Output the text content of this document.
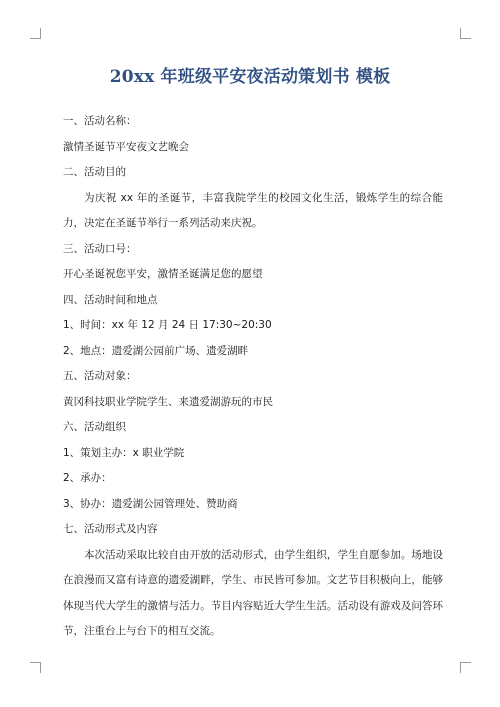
20xx 年班级平安夜活动策划书 模板

一、活动名称：

激情圣诞节平安夜文艺晚会

二、活动目的

为庆祝 xx 年的圣诞节，丰富我院学生的校园文化生活，锻炼学生的综合能力，决定在圣诞节举行一系列活动来庆祝。

三、活动口号：

开心圣诞祝您平安，激情圣诞满足您的愿望

四、活动时间和地点

1、时间：xx 年 12 月 24 日 17:30~20:30

2、地点：遗爱湖公园前广场、遗爱湖畔

五、活动对象：

黄冈科技职业学院学生、来遗爱湖游玩的市民

六、活动组织

1、策划主办：x 职业学院

2、承办：

3、协办：遗爱湖公园管理处、赞助商

七、活动形式及内容

本次活动采取比较自由开放的活动形式，由学生组织，学生自愿参加。场地设在浪漫而又富有诗意的遗爱湖畔，学生、市民皆可参加。文艺节目积极向上，能够体现当代大学生的激情与活力。节目内容贴近大学生生活。活动设有游戏及问答环节，注重台上与台下的相互交流。
